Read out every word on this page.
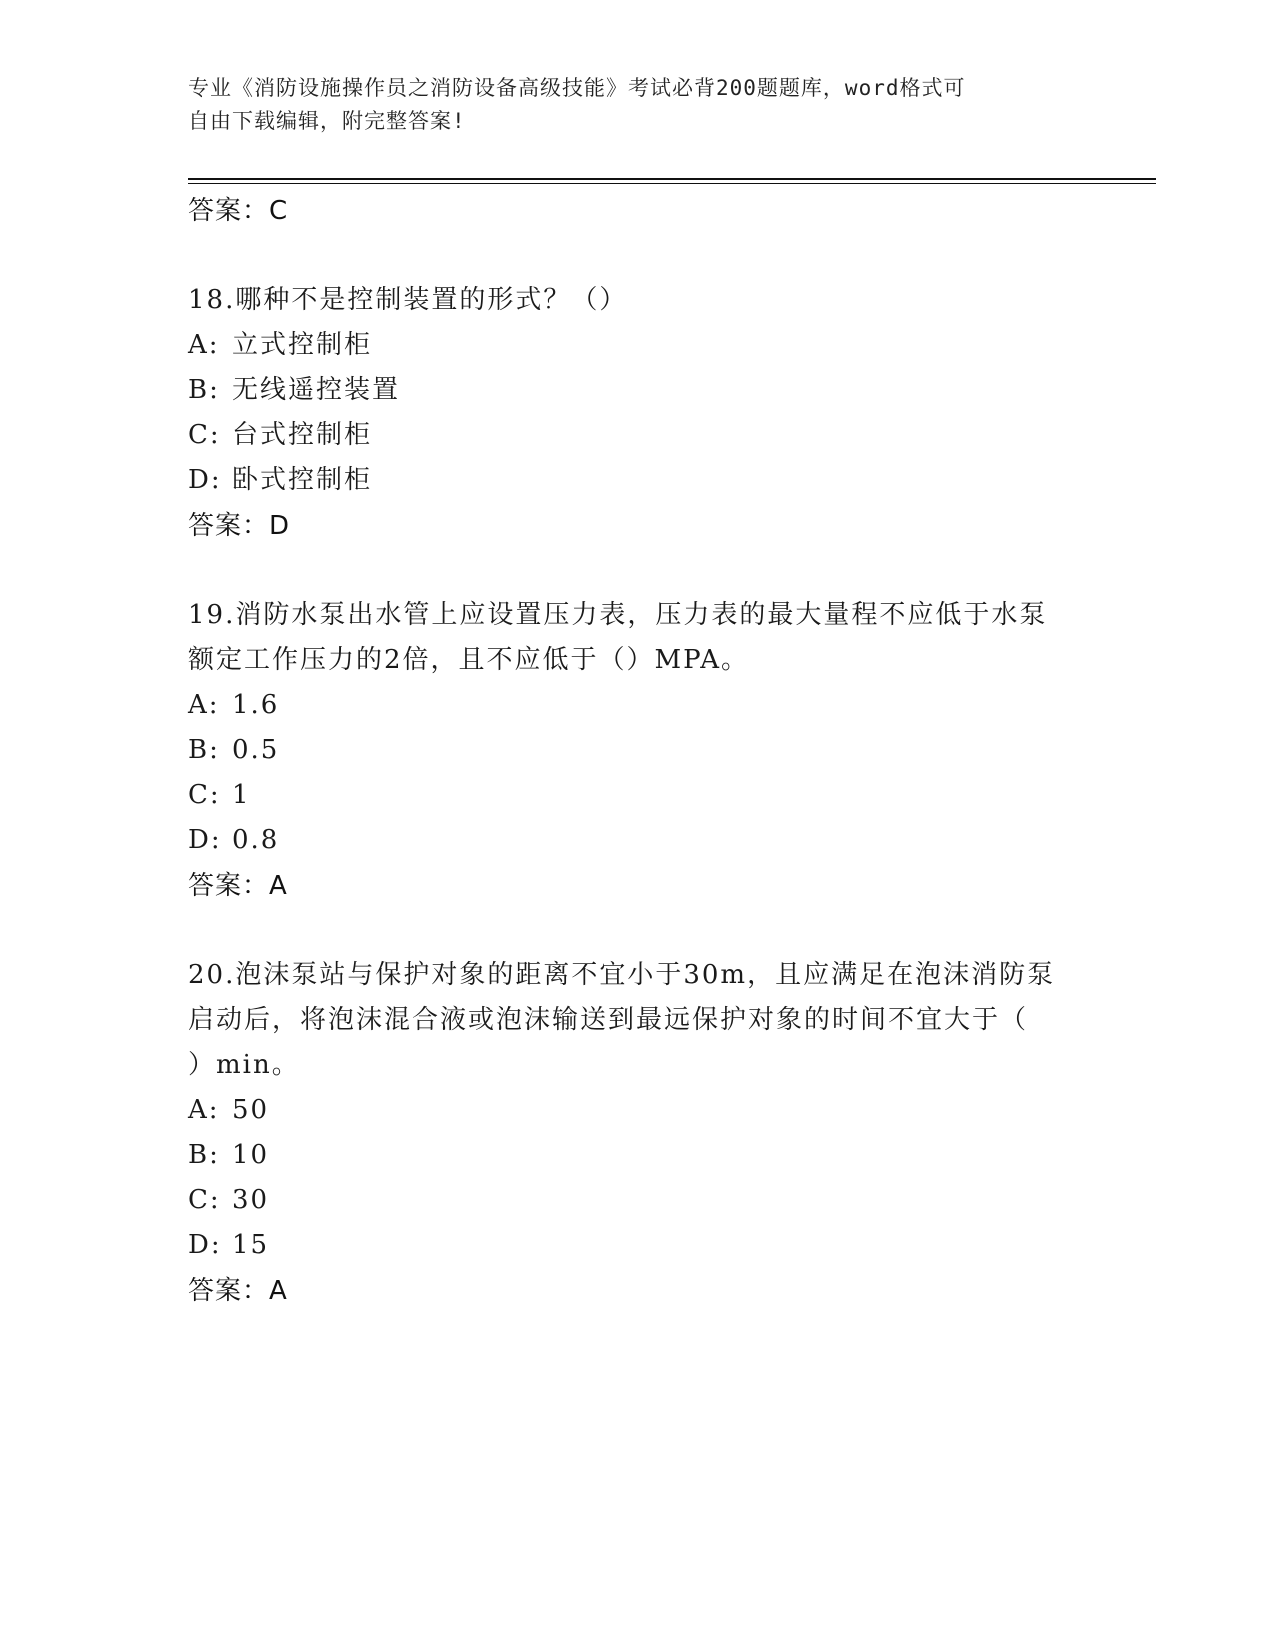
专业《消防设施操作员之消防设备高级技能》考试必背200题题库，word格式可
自由下载编辑，附完整答案!
答案：C
18.哪种不是控制装置的形式？（）
A: 立式控制柜
B: 无线遥控装置
C: 台式控制柜
D: 卧式控制柜
答案：D
19.消防水泵出水管上应设置压力表，压力表的最大量程不应低于水泵
额定工作压力的2倍，且不应低于（）MPA。
A: 1.6
B: 0.5
C: 1
D: 0.8
答案：A
20.泡沫泵站与保护对象的距离不宜小于30m，且应满足在泡沫消防泵
启动后，将泡沫混合液或泡沫输送到最远保护对象的时间不宜大于（
）min。
A: 50
B: 10
C: 30
D: 15
答案：A
